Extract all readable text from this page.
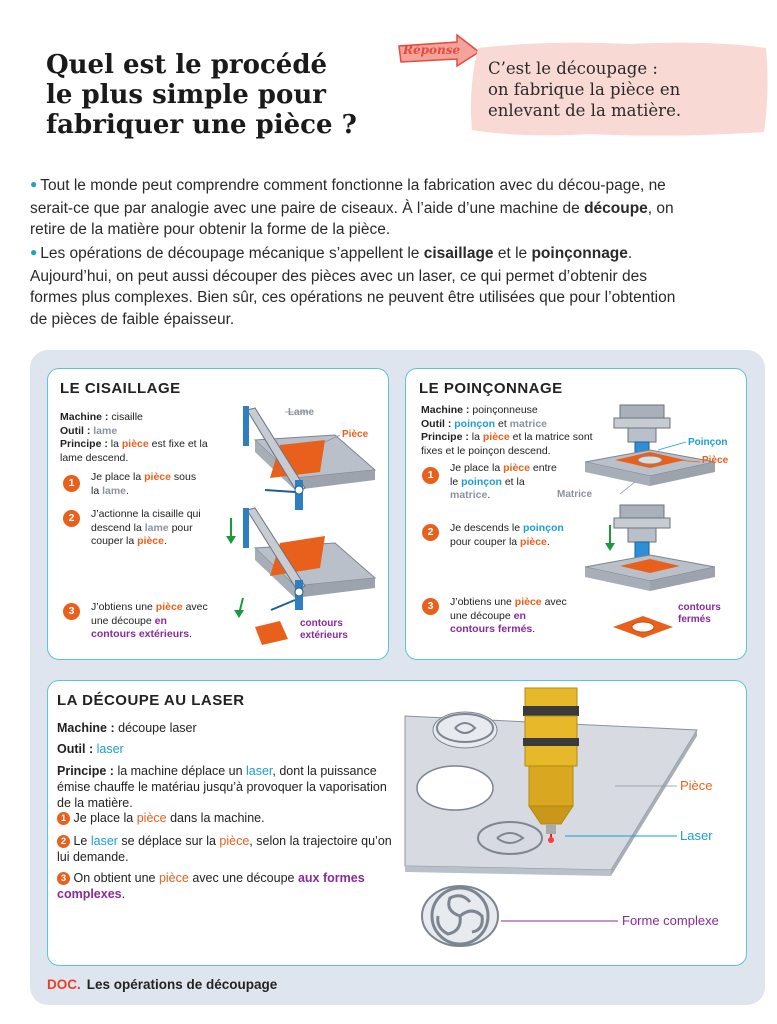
Quel est le procédé
le plus simple pour
fabriquer une pièce ?
Réponse
C’est le découpage :
on fabrique la pièce en
enlevant de la matière.

● Tout le monde peut comprendre comment fonctionne la fabrication avec du décou-page, ne serait-ce que par analogie avec une paire de ciseaux. À l’aide d’une machine de découpe, on retire de la matière pour obtenir la forme de la pièce.

● Les opérations de découpage mécanique s’appellent le cisaillage et le poinçonnage. Aujourd’hui, on peut aussi découper des pièces avec un laser, ce qui permet d’obtenir des formes plus complexes. Bien sûr, ces opérations ne peuvent être utilisées que pour l’obtention de pièces de faible épaisseur.

LE CISAILLAGE
Machine : cisaille
Outil : lame
Principe : la pièce est fixe et la lame descend.
1	Je place la pièce sous la lame.
2	J’actionne la cisaille qui descend la lame pour couper la pièce.
3	J’obtiens une pièce avec une découpe en contours extérieurs.
Lame
Pièce
contours
extérieurs
LE POINÇONNAGE
Machine : poinçonneuse
Outil : poinçon et matrice
Principe : la pièce et la matrice sont fixes et le poinçon descend.
1
Je place la pièce entre le poinçon et la matrice.
2	Je descends le poinçon pour couper la pièce.
3	J’obtiens une pièce avec une découpe en contours fermés.
Poinçon
Pièce
Matrice
contours
fermés
LA DÉCOUPE AU LASER
Machine : découpe laser
Outil : laser
Principe : la machine déplace un laser, dont la puissance émise chauffe le matériau jusqu’à provoquer la vaporisation de la matière.
1 Je place la pièce dans la machine.
2 Le laser se déplace sur la pièce, selon la trajectoire qu’on lui demande.
3 On obtient une pièce avec une découpe aux formes complexes.
Pièce
Laser
Forme complexe
DOC. Les opérations de découpage
